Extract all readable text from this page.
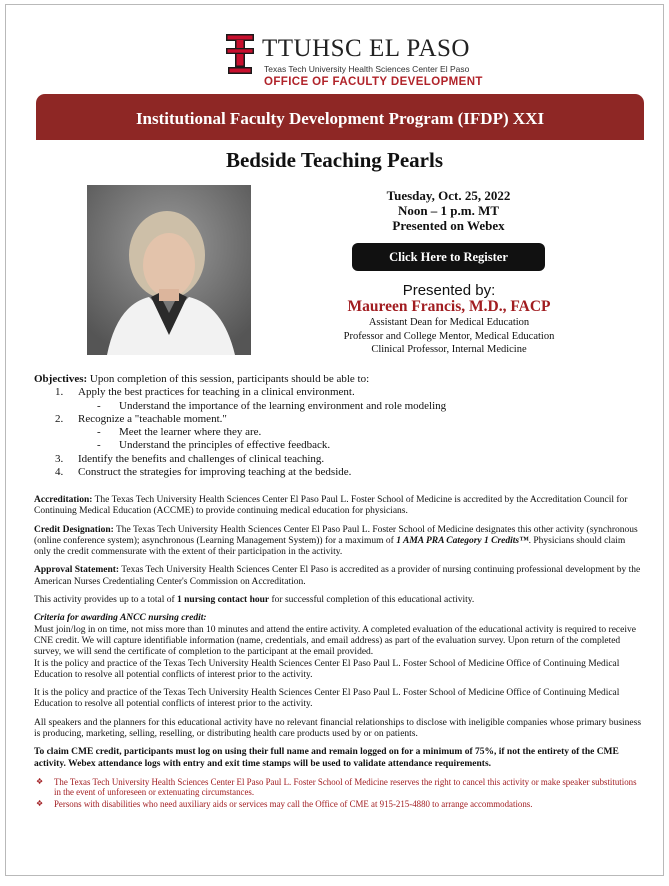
TTUHSC EL PASO
Texas Tech University Health Sciences Center El Paso
OFFICE OF FACULTY DEVELOPMENT
Institutional Faculty Development Program (IFDP) XXI
Bedside Teaching Pearls
Tuesday, Oct. 25, 2022
Noon – 1 p.m. MT
Presented on Webex
Click Here to Register
Presented by:
Maureen Francis, M.D., FACP
Assistant Dean for Medical Education
Professor and College Mentor, Medical Education
Clinical Professor, Internal Medicine
Objectives: Upon completion of this session, participants should be able to:
1.	Apply the best practices for teaching in a clinical environment.
-	Understand the importance of the learning environment and role modeling
2.	Recognize a "teachable moment."
-	Meet the learner where they are.
-	Understand the principles of effective feedback.
3.	Identify the benefits and challenges of clinical teaching.
4.	Construct the strategies for improving teaching at the bedside.

Accreditation: The Texas Tech University Health Sciences Center El Paso Paul L. Foster School of Medicine is accredited by the Accreditation Council for Continuing Medical Education (ACCME) to provide continuing medical education for physicians.

Credit Designation: The Texas Tech University Health Sciences Center El Paso Paul L. Foster School of Medicine designates this other activity (synchronous (online conference system); asynchronous (Learning Management System)) for a maximum of 1 AMA PRA Category 1 Credits™. Physicians should claim only the credit commensurate with the extent of their participation in the activity.

Approval Statement: Texas Tech University Health Sciences Center El Paso is accredited as a provider of nursing continuing professional development by the American Nurses Credentialing Center's Commission on Accreditation.

This activity provides up to a total of 1 nursing contact hour for successful completion of this educational activity.

Criteria for awarding ANCC nursing credit:
Must join/log in on time, not miss more than 10 minutes and attend the entire activity. A completed evaluation of the educational activity is required to receive CNE credit. We will capture identifiable information (name, credentials, and email address) as part of the evaluation survey. Upon return of the completed survey, we will send the certificate of completion to the participant at the email provided.
It is the policy and practice of the Texas Tech University Health Sciences Center El Paso Paul L. Foster School of Medicine Office of Continuing Medical Education to resolve all potential conflicts of interest prior to the activity.

It is the policy and practice of the Texas Tech University Health Sciences Center El Paso Paul L. Foster School of Medicine Office of Continuing Medical Education to resolve all potential conflicts of interest prior to the activity.

All speakers and the planners for this educational activity have no relevant financial relationships to disclose with ineligible companies whose primary business is producing, marketing, selling, reselling, or distributing health care products used by or on patients.

To claim CME credit, participants must log on using their full name and remain logged on for a minimum of 75%, if not the entirety of the CME activity. Webex attendance logs with entry and exit time stamps will be used to validate attendance requirements.

❖ The Texas Tech University Health Sciences Center El Paso Paul L. Foster School of Medicine reserves the right to cancel this activity or make speaker substitutions in the event of unforeseen or extenuating circumstances.
❖ Persons with disabilities who need auxiliary aids or services may call the Office of CME at 915-215-4880 to arrange accommodations.
